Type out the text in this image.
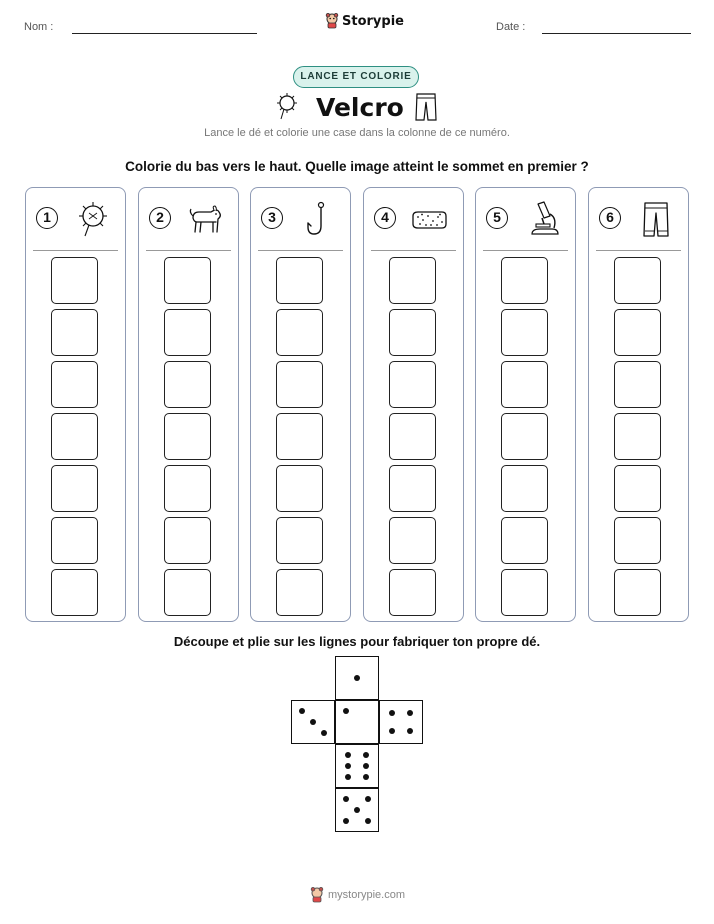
Nom :	Storypie	Date :
LANCE ET COLORIE
Velcro
Lance le dé et colorie une case dans la colonne de ce numéro.
Colorie du bas vers le haut. Quelle image atteint le sommet en premier ?
1	2	3	4	5	6
Découpe et plie sur les lignes pour fabriquer ton propre dé.
mystorypie.com
